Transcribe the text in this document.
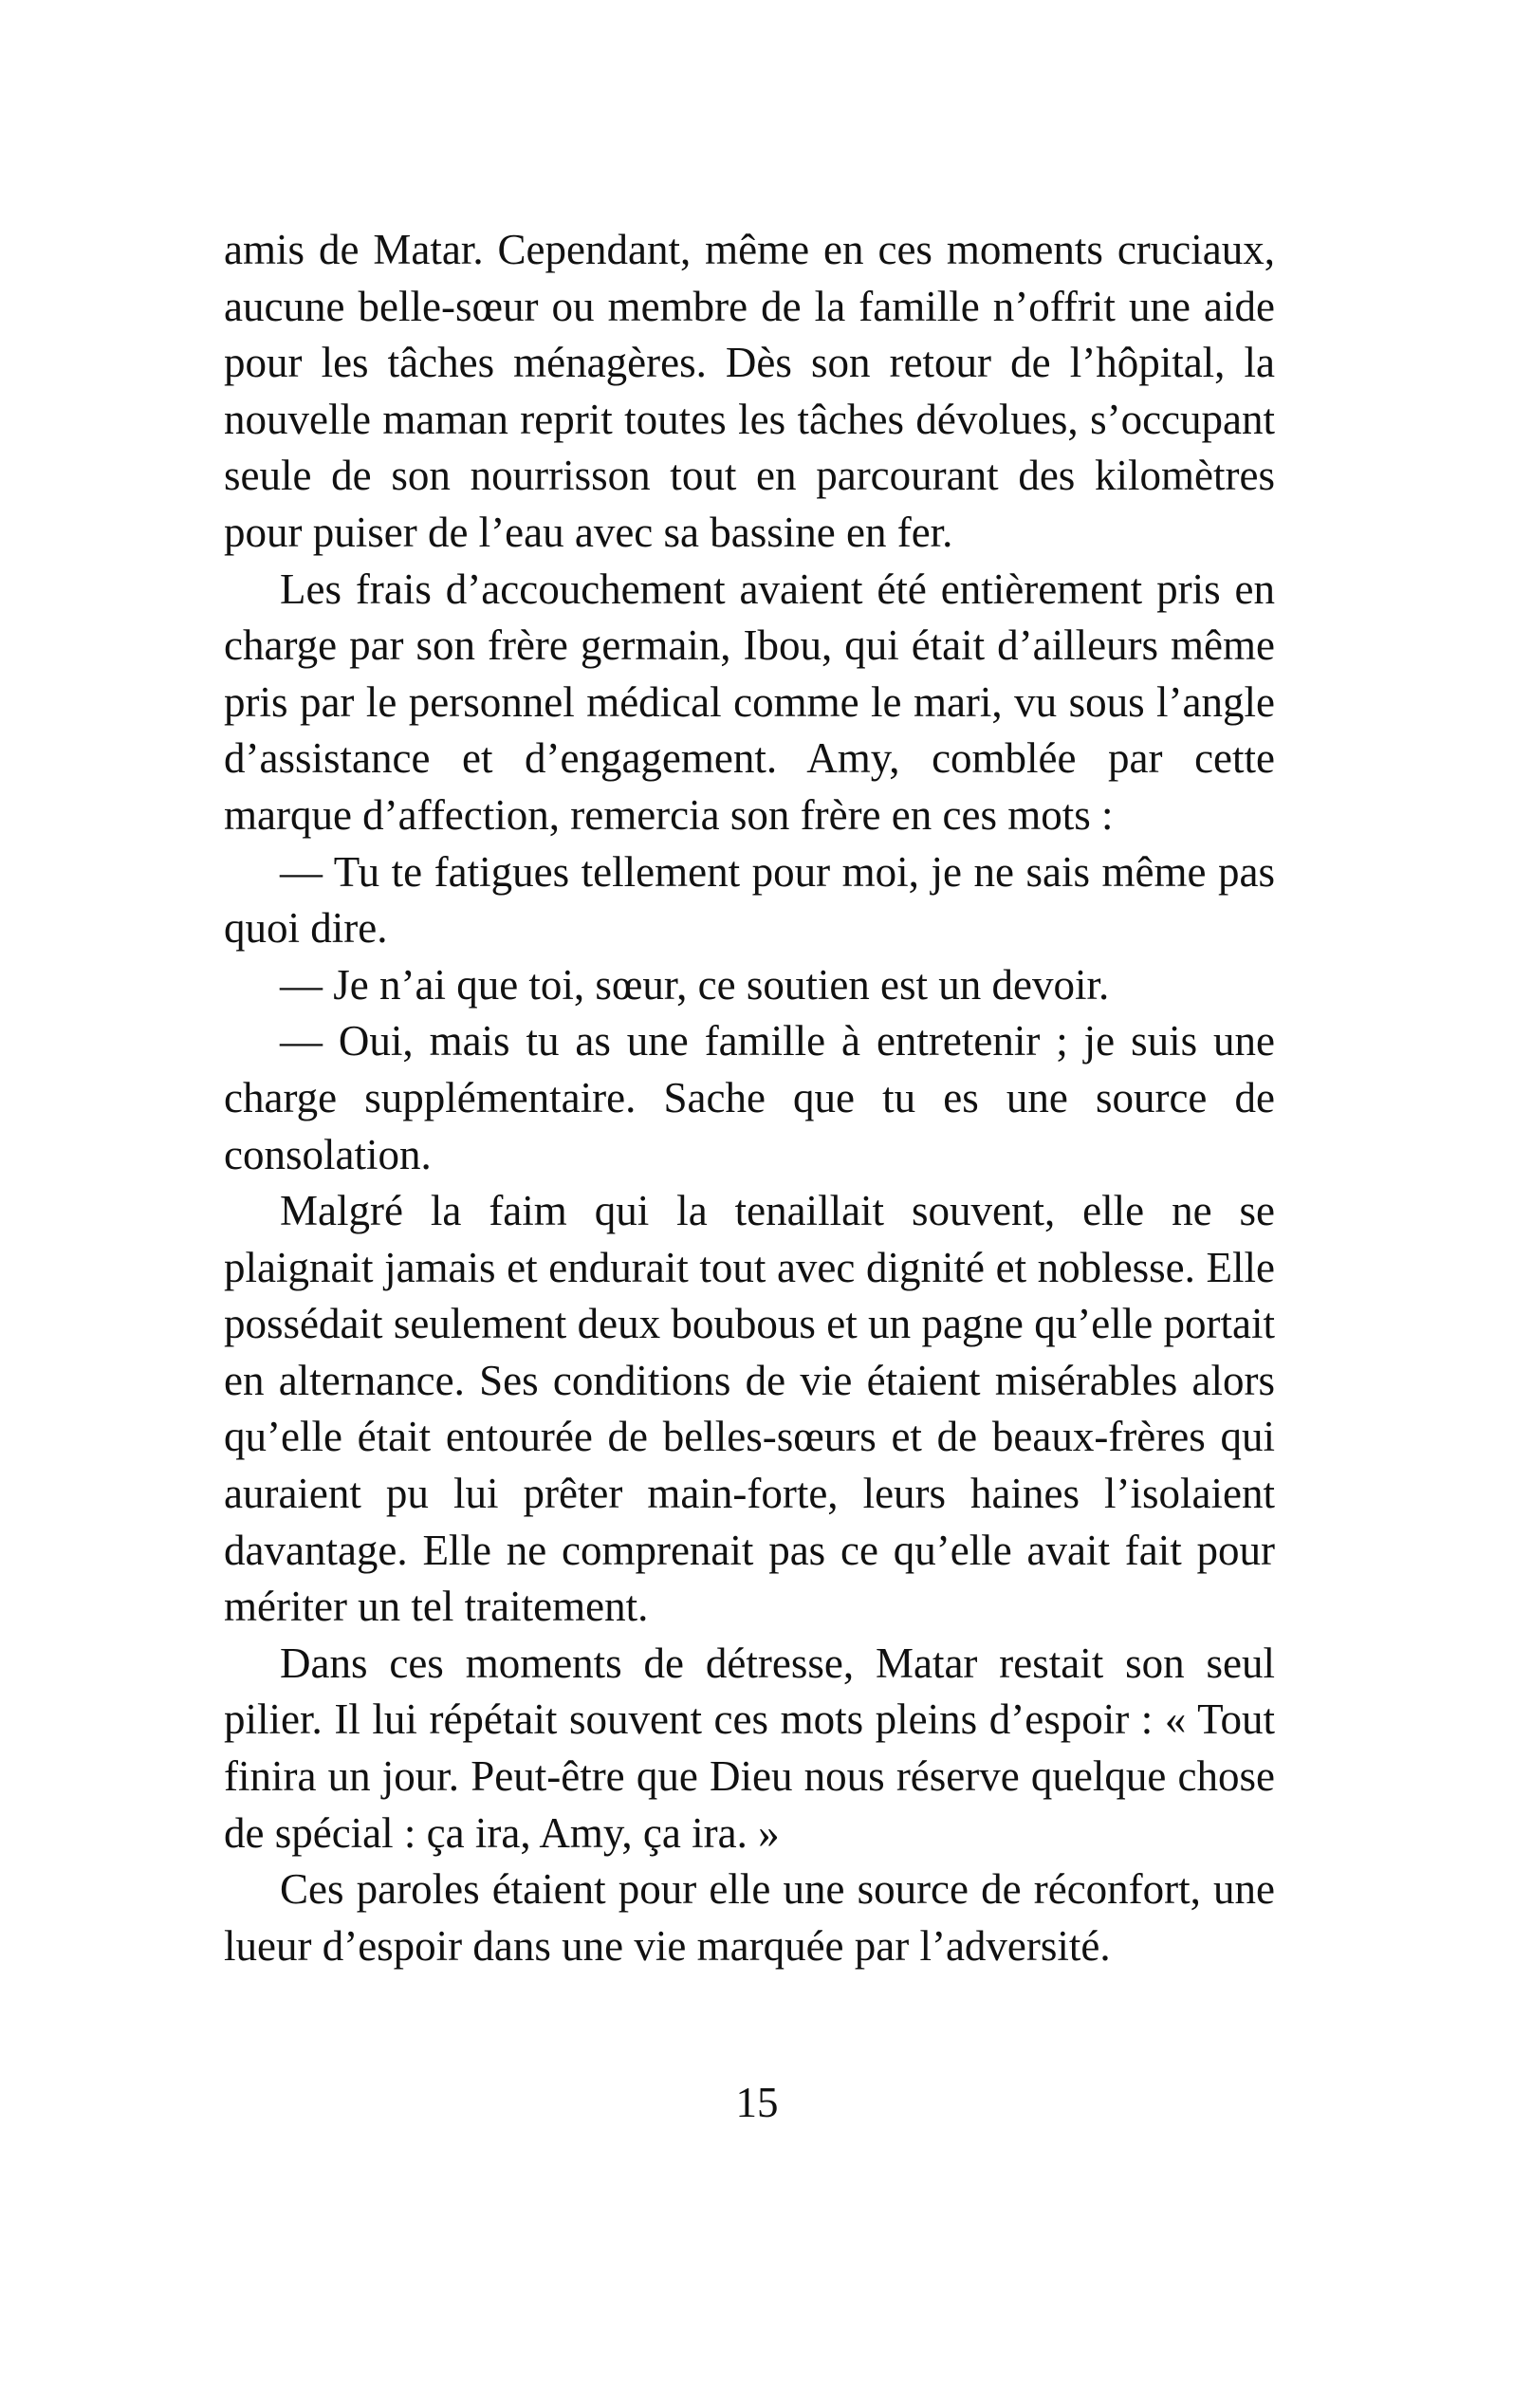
amis de Matar. Cependant, même en ces moments cruciaux, aucune belle-sœur ou membre de la famille n’offrit une aide pour les tâches ménagères. Dès son retour de l’hôpital, la nouvelle maman reprit toutes les tâches dévolues, s’occupant seule de son nourrisson tout en parcourant des kilomètres pour puiser de l’eau avec sa bassine en fer.

Les frais d’accouchement avaient été entièrement pris en charge par son frère germain, Ibou, qui était d’ailleurs même pris par le personnel médical comme le mari, vu sous l’angle d’assistance et d’engagement. Amy, comblée par cette marque d’affection, remercia son frère en ces mots :

— Tu te fatigues tellement pour moi, je ne sais même pas quoi dire.

— Je n’ai que toi, sœur, ce soutien est un devoir.

— Oui, mais tu as une famille à entretenir ; je suis une charge supplémentaire. Sache que tu es une source de consolation.

Malgré la faim qui la tenaillait souvent, elle ne se plaignait jamais et endurait tout avec dignité et noblesse. Elle possédait seulement deux boubous et un pagne qu’elle portait en alternance. Ses conditions de vie étaient misérables alors qu’elle était entourée de belles-sœurs et de beaux-frères qui auraient pu lui prêter main-forte, leurs haines l’isolaient davantage. Elle ne comprenait pas ce qu’elle avait fait pour mériter un tel traitement.

Dans ces moments de détresse, Matar restait son seul pilier. Il lui répétait souvent ces mots pleins d’espoir : « Tout finira un jour. Peut-être que Dieu nous réserve quelque chose de spécial : ça ira, Amy, ça ira. »

Ces paroles étaient pour elle une source de réconfort, une lueur d’espoir dans une vie marquée par l’adversité.

15
